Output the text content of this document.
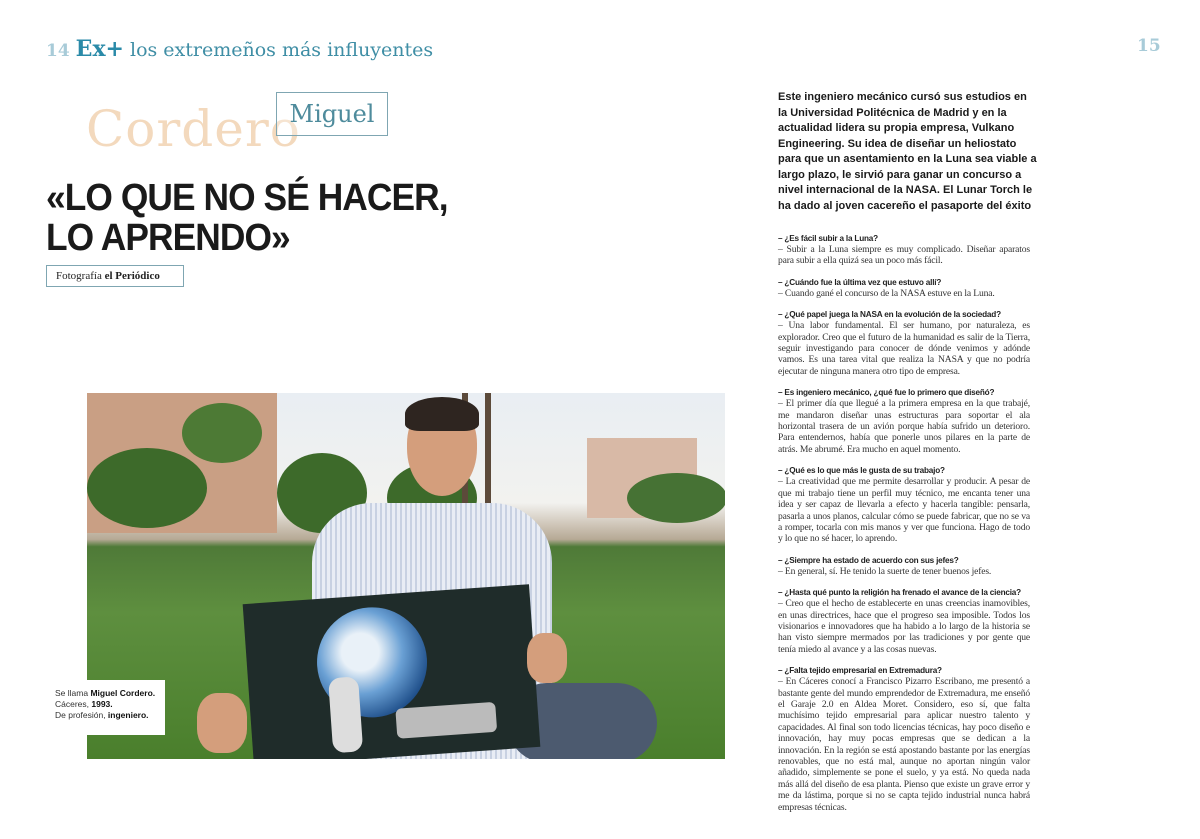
14 Ex+ los extremeños más influyentes	15
Cordero
Miguel
«LO QUE NO SÉ HACER,
LO APRENDO»
Fotografía el Periódico
Se llama Miguel Cordero.
Cáceres, 1993.
De profesión, ingeniero.

Este ingeniero mecánico cursó sus estudios en la Universidad Politécnica de Madrid y en la actualidad lidera su propia empresa, Vulkano Engineering. Su idea de diseñar un heliostato para que un asentamiento en la Luna sea viable a largo plazo, le sirvió para ganar un concurso a nivel internacional de la NASA. El Lunar Torch le ha dado al joven cacereño el pasaporte del éxito

– ¿Es fácil subir a la Luna?
– Subir a la Luna siempre es muy complicado. Diseñar aparatos para subir a ella quizá sea un poco más fácil.
– ¿Cuándo fue la última vez que estuvo allí?
– Cuando gané el concurso de la NASA estuve en la Luna.
– ¿Qué papel juega la NASA en la evolución de la sociedad?
– Una labor fundamental. El ser humano, por naturaleza, es explorador. Creo que el futuro de la humanidad es salir de la Tierra, seguir investigando para conocer de dónde venimos y adónde vamos. Es una tarea vital que realiza la NASA y que no podría ejecutar de ninguna manera otro tipo de empresa.
– Es ingeniero mecánico, ¿qué fue lo primero que diseñó?
– El primer día que llegué a la primera empresa en la que trabajé, me mandaron diseñar unas estructuras para soportar el ala horizontal trasera de un avión porque había sufrido un deterioro. Para entendernos, había que ponerle unos pilares en la parte de atrás. Me abrumé. Era mucho en aquel momento.
– ¿Qué es lo que más le gusta de su trabajo?
– La creatividad que me permite desarrollar y producir. A pesar de que mi trabajo tiene un perfil muy técnico, me encanta tener una idea y ser capaz de llevarla a efecto y hacerla tangible: pensarla, pasarla a unos planos, calcular cómo se puede fabricar, que no se va a romper, tocarla con mis manos y ver que funciona. Hago de todo y lo que no sé hacer, lo aprendo.
– ¿Siempre ha estado de acuerdo con sus jefes?
– En general, sí. He tenido la suerte de tener buenos jefes.
– ¿Hasta qué punto la religión ha frenado el avance de la ciencia?
– Creo que el hecho de establecerte en unas creencias inamovibles, en unas directrices, hace que el progreso sea imposible. Todos los visionarios e innovadores que ha habido a lo largo de la historia se han visto siempre mermados por las tradiciones y por gente que tenía miedo al avance y a las cosas nuevas.
– ¿Falta tejido empresarial en Extremadura?
– En Cáceres conocí a Francisco Pizarro Escribano, me presentó a bastante gente del mundo emprendedor de Extremadura, me enseñó el Garaje 2.0 en Aldea Moret. Considero, eso sí, que falta muchísimo tejido empresarial para aplicar nuestro talento y capacidades. Al final son todo licencias técnicas, hay poco diseño e innovación, hay muy pocas empresas que se dedican a la innovación. En la región se está apostando bastante por las energías renovables, que no está mal, aunque no aportan ningún valor añadido, simplemente se pone el suelo, y ya está. No queda nada más allá del diseño de esa planta. Pienso que existe un grave error y me da lástima, porque si no se capta tejido industrial nunca habrá empresas técnicas.
